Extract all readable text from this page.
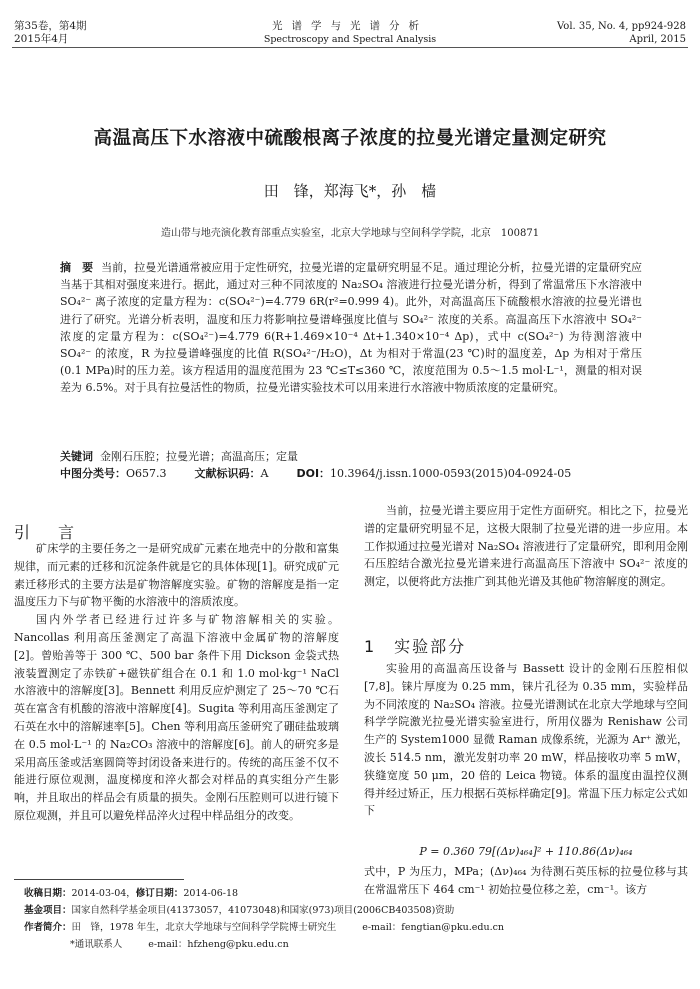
第35卷，第4期
2015年4月
光谱学与光谱分析
Spectroscopy and Spectral Analysis
Vol. 35, No. 4, pp924-928
April, 2015
高温高压下水溶液中硫酸根离子浓度的拉曼光谱定量测定研究
田　锋，郑海飞*，孙　樯
造山带与地壳演化教育部重点实验室，北京大学地球与空间科学学院，北京　100871
摘　要 当前，拉曼光谱通常被应用于定性研究，拉曼光谱的定量研究明显不足。通过理论分析，拉曼光谱的定量研究应当基于其相对强度来进行。据此，通过对三种不同浓度的 Na₂SO₄ 溶液进行拉曼光谱分析，得到了常温常压下水溶液中 SO₄²⁻ 离子浓度的定量方程为：c(SO₄²⁻)=4.779 6R(r²=0.999 4)。此外，对高温高压下硫酸根水溶液的拉曼光谱也进行了研究。光谱分析表明，温度和压力将影响拉曼谱峰强度比值与 SO₄²⁻ 浓度的关系。高温高压下水溶液中 SO₄²⁻ 浓度的定量方程为：c(SO₄²⁻)=4.779 6(R+1.469×10⁻⁴ Δt+1.340×10⁻⁴ Δp)，式中 c(SO₄²⁻) 为待测溶液中 SO₄²⁻ 的浓度，R 为拉曼谱峰强度的比值 R(SO₄²⁻/H₂O)，Δt 为相对于常温(23 ℃)时的温度差，Δp 为相对于常压(0.1 MPa)时的压力差。该方程适用的温度范围为 23 ℃≤T≤360 ℃，浓度范围为 0.5～1.5 mol·L⁻¹，测量的相对误差为 6.5%。对于具有拉曼活性的物质，拉曼光谱实验技术可以用来进行水溶液中物质浓度的定量研究。
关键词 金刚石压腔；拉曼光谱；高温高压；定量
中图分类号：O657.3	文献标识码：A	DOI：10.3964/j.issn.1000-0593(2015)04-0924-05
引　言

矿床学的主要任务之一是研究成矿元素在地壳中的分散和富集规律，而元素的迁移和沉淀条件就是它的具体体现[1]。研究成矿元素迁移形式的主要方法是矿物溶解度实验。矿物的溶解度是指一定温度压力下与矿物平衡的水溶液中的溶质浓度。

国内外学者已经进行过许多与矿物溶解相关的实验。Nancollas 利用高压釜测定了高温下溶液中金属矿物的溶解度[2]。曾贻善等于 300 ℃、500 bar 条件下用 Dickson 金袋式热液装置测定了赤铁矿+磁铁矿组合在 0.1 和 1.0 mol·kg⁻¹ NaCl 水溶液中的溶解度[3]。Bennett 利用反应炉测定了 25～70 ℃石英在富含有机酸的溶液中溶解度[4]。Sugita 等利用高压釜测定了石英在水中的溶解速率[5]。Chen 等利用高压釜研究了硼硅盐玻璃在 0.5 mol·L⁻¹ 的 Na₂CO₃ 溶液中的溶解度[6]。前人的研究多是采用高压釜或活塞圆筒等封闭设备来进行的。传统的高压釜不仅不能进行原位观测，温度梯度和淬火都会对样品的真实组分产生影响，并且取出的样品会有质量的损失。金刚石压腔则可以进行镜下原位观测，并且可以避免样品淬火过程中样品组分的改变。

当前，拉曼光谱主要应用于定性方面研究。相比之下，拉曼光谱的定量研究明显不足，这极大限制了拉曼光谱的进一步应用。本工作拟通过拉曼光谱对 Na₂SO₄ 溶液进行了定量研究，即利用金刚石压腔结合激光拉曼光谱来进行高温高压下溶液中 SO₄²⁻ 浓度的测定，以便将此方法推广到其他光谱及其他矿物溶解度的测定。

1　实验部分

实验用的高温高压设备与 Bassett 设计的金刚石压腔相似[7,8]。铼片厚度为 0.25 mm，铼片孔径为 0.35 mm，实验样品为不同浓度的 Na₂SO₄ 溶液。拉曼光谱测试在北京大学地球与空间科学学院激光拉曼光谱实验室进行，所用仪器为 Renishaw 公司生产的 System1000 显微 Raman 成像系统，光源为 Ar⁺ 激光，波长 514.5 nm，激光发射功率 20 mW，样品接收功率 5 mW，狭缝宽度 50 μm，20 倍的 Leica 物镜。体系的温度由温控仪测得并经过矫正，压力根据石英标样确定[9]。常温下压力标定公式如下

P = 0.360 79[(Δν)₄₆₄]² + 110.86(Δν)₄₆₄
式中，P 为压力，MPa；(Δν)₄₆₄ 为待测石英压标的拉曼位移与其在常温常压下 464 cm⁻¹ 初始拉曼位移之差，cm⁻¹。该方
收稿日期：2014-03-04，修订日期：2014-06-18
基金项目：国家自然科学基金项目(41373057，41073048)和国家(973)项目(2006CB403508)资助
作者简介：田　锋，1978 年生，北京大学地球与空间科学学院博士研究生	e-mail：fengtian@pku.edu.cn
*通讯联系人	e-mail：hfzheng@pku.edu.cn
